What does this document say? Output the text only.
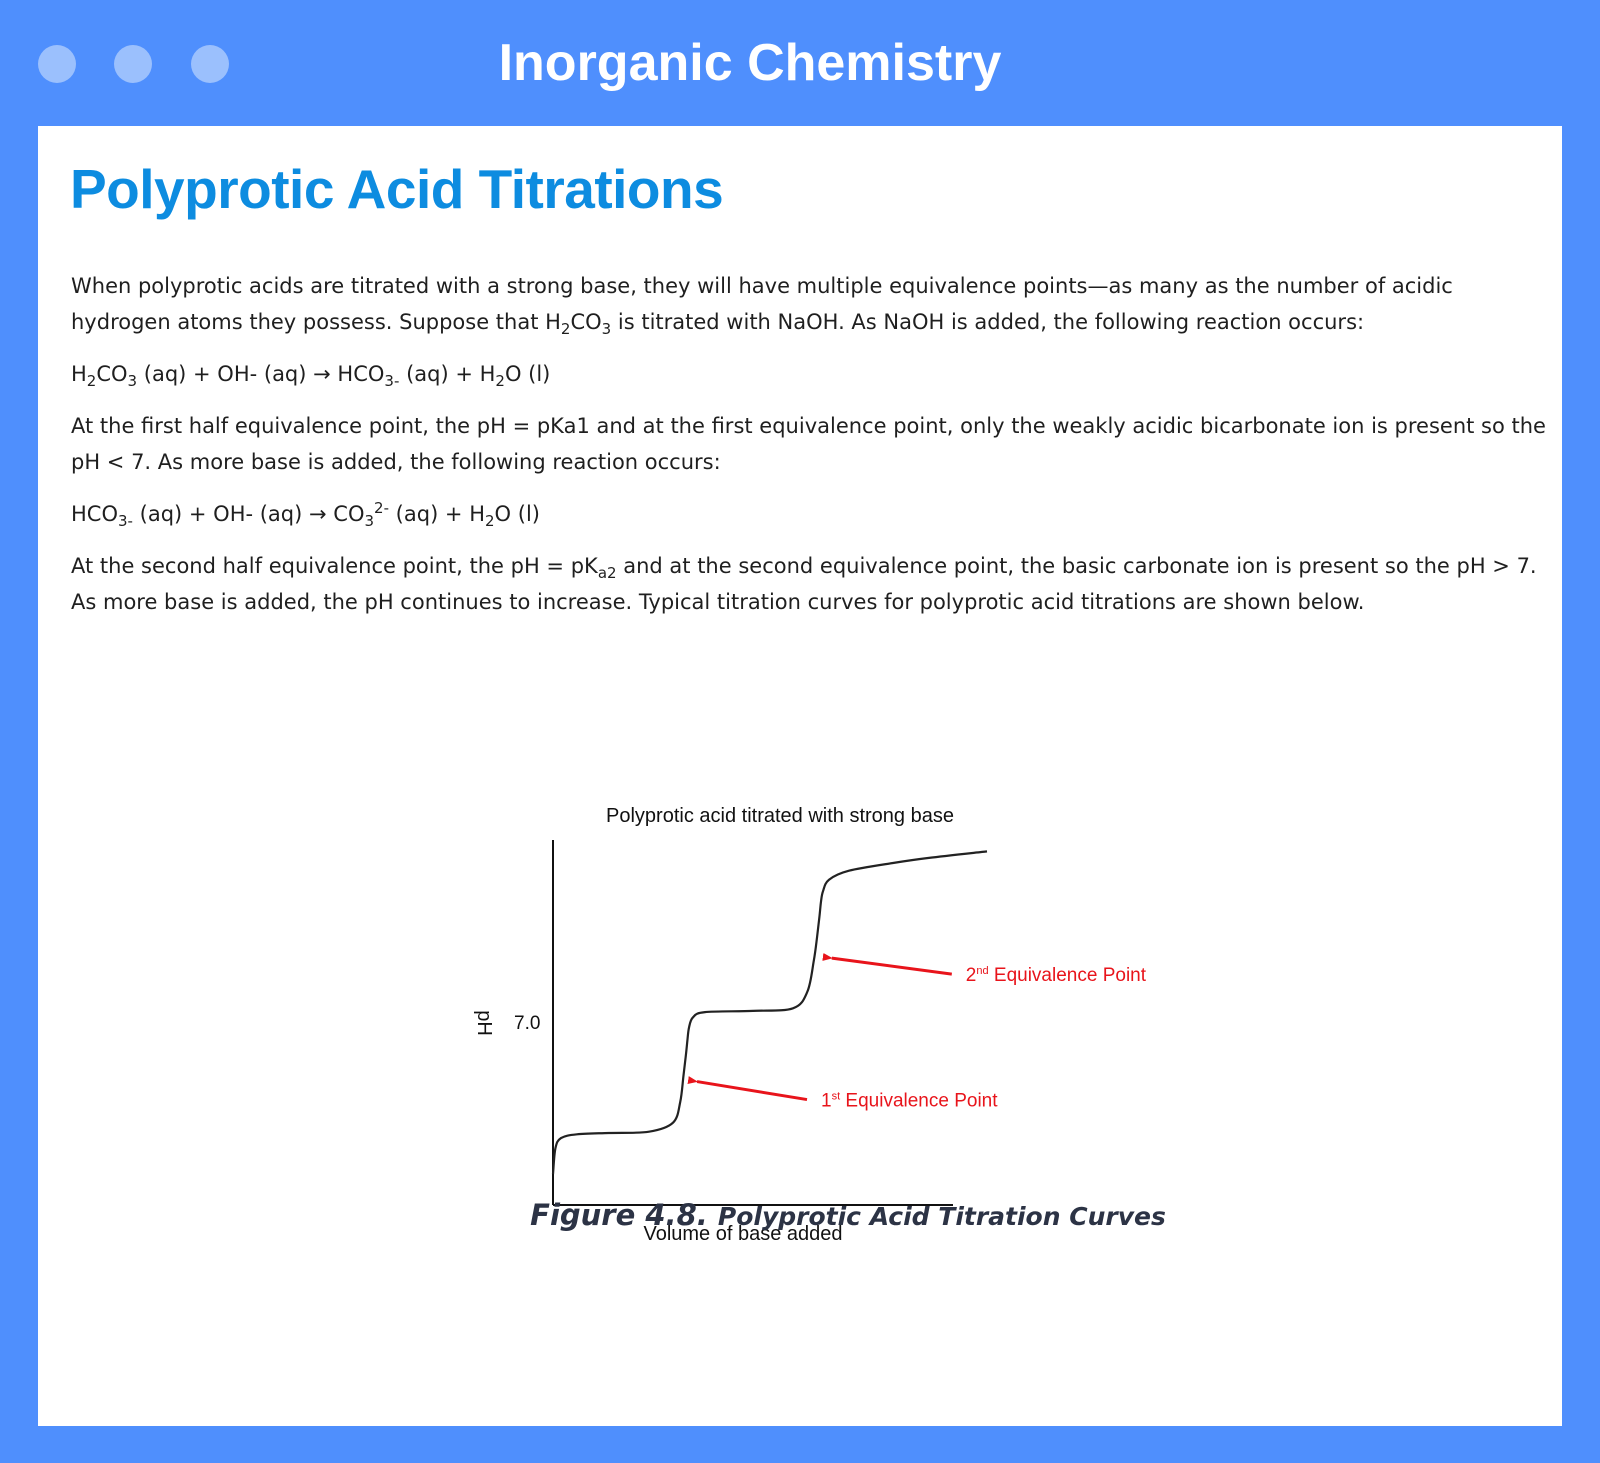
Inorganic Chemistry
Polyprotic Acid Titrations

When polyprotic acids are titrated with a strong base, they will have multiple equivalence points—as many as the number of acidic hydrogen atoms they possess. Suppose that $H_2CO_3$ is titrated with NaOH. As NaOH is added, the following reaction occurs:

$H_2CO_3$ (aq) + OH- $(aq) \to HCO_{3-}$ $(aq) + H_2O$ (l)

At the first half equivalence point, the pH = pKa1 and at the first equivalence point, only the weakly acidic bicarbonate ion is present so the pH < 7. As more base is added, the following reaction occurs:

$HCO_{3-}$ (aq) + OH- $(aq) \to CO_3^{2-}$ $(aq) + H_2O$ (l)

At the second half equivalence point, the pH = $pK_{a2}$ and at the second equivalence point, the basic carbonate ion is present so the pH > 7. As more base is added, the pH continues to increase. Typical titration curves for polyprotic acid titrations are shown below.

Polyprotic acid titrated with strong base
pH 7.0
1st Equivalence Point
2nd Equivalence Point
Volume of base added
Figure 4.8. Polyprotic Acid Titration Curves
